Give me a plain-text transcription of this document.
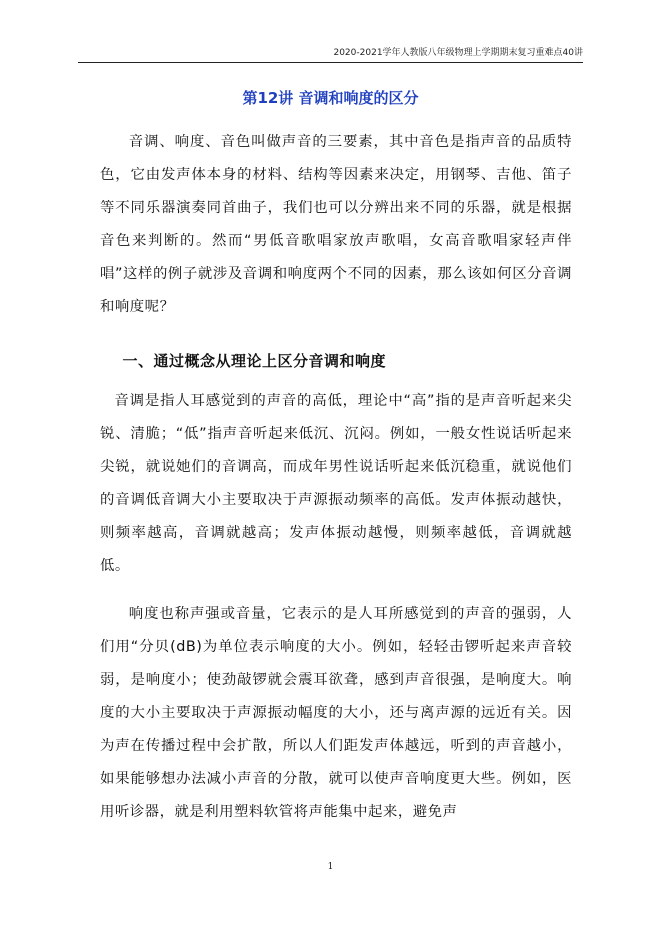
2020-2021学年人教版八年级物理上学期期末复习重难点40讲
第12讲 音调和响度的区分

音调、响度、音色叫做声音的三要素，其中音色是指声音的品质特色，它由发声体本身的材料、结构等因素来决定，用钢琴、吉他、笛子等不同乐器演奏同首曲子，我们也可以分辨出来不同的乐器，就是根据音色来判断的。然而“男低音歌唱家放声歌唱，女高音歌唱家轻声伴唱”这样的例子就涉及音调和响度两个不同的因素，那么该如何区分音调和响度呢？

一、通过概念从理论上区分音调和响度

音调是指人耳感觉到的声音的高低，理论中“高”指的是声音听起来尖锐、清脆；“低”指声音听起来低沉、沉闷。例如，一般女性说话听起来尖锐，就说她们的音调高，而成年男性说话听起来低沉稳重，就说他们的音调低音调大小主要取决于声源振动频率的高低。发声体振动越快，则频率越高，音调就越高；发声体振动越慢，则频率越低，音调就越低。

响度也称声强或音量，它表示的是人耳所感觉到的声音的强弱，人们用“分贝(dB)为单位表示响度的大小。例如，轻轻击锣听起来声音较弱，是响度小；使劲敲锣就会震耳欲聋，感到声音很强，是响度大。响度的大小主要取决于声源振动幅度的大小，还与离声源的远近有关。因为声在传播过程中会扩散，所以人们距发声体越远，听到的声音越小，如果能够想办法减小声音的分散，就可以使声音响度更大些。例如，医用听诊器，就是利用塑料软管将声能集中起来，避免声

1
